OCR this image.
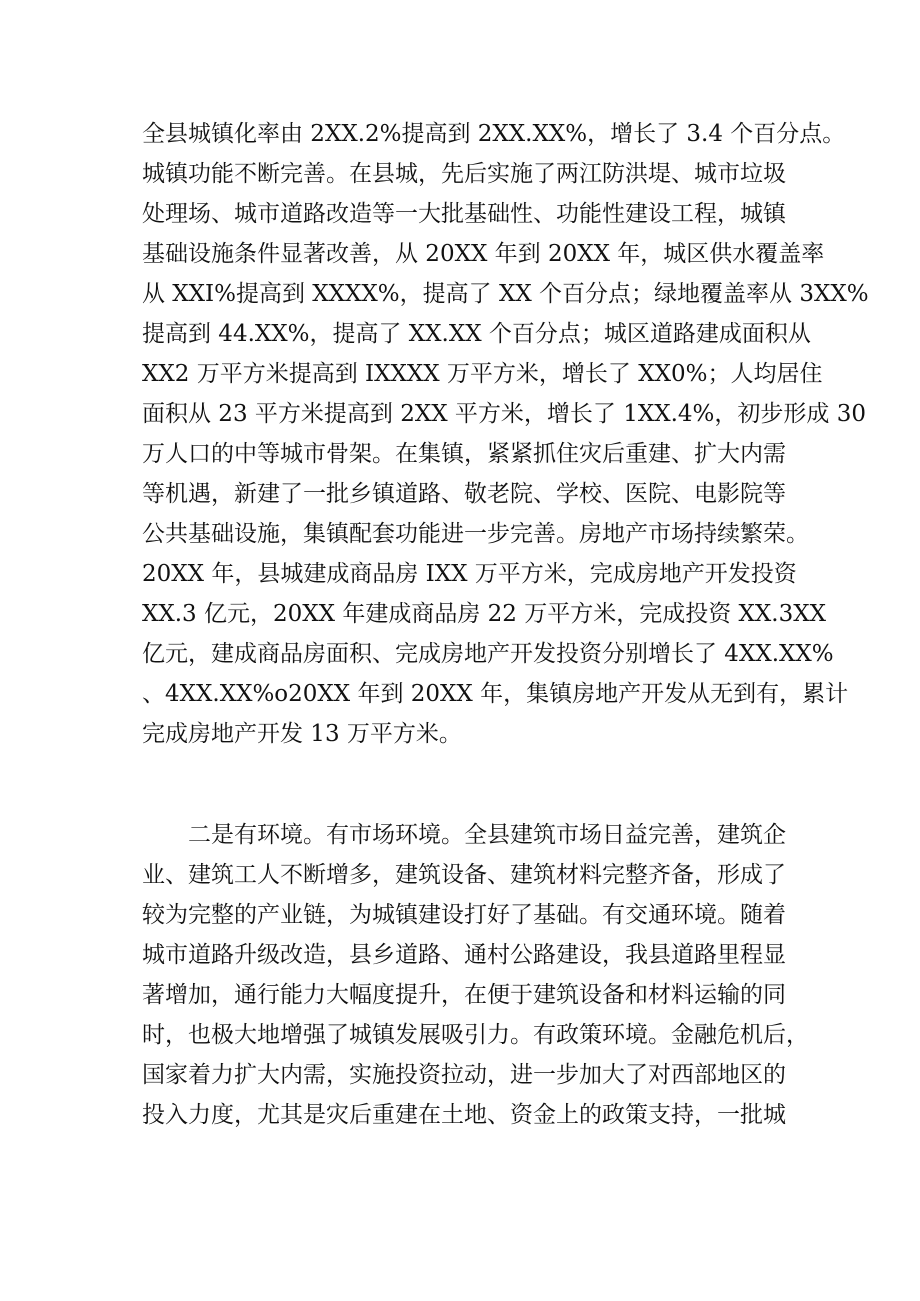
全县城镇化率由 2XX.2%提高到 2XX.XX%，增长了 3.4 个百分点。
城镇功能不断完善。在县城，先后实施了两江防洪堤、城市垃圾
处理场、城市道路改造等一大批基础性、功能性建设工程，城镇
基础设施条件显著改善，从 20XX 年到 20XX 年，城区供水覆盖率
从 XXI%提高到 XXXX%，提高了 XX 个百分点；绿地覆盖率从 3XX%
提高到 44.XX%，提高了 XX.XX 个百分点；城区道路建成面积从
XX2 万平方米提高到 IXXXX 万平方米，增长了 XX0%；人均居住
面积从 23 平方米提高到 2XX 平方米，增长了 1XX.4%，初步形成 30
万人口的中等城市骨架。在集镇，紧紧抓住灾后重建、扩大内需
等机遇，新建了一批乡镇道路、敬老院、学校、医院、电影院等
公共基础设施，集镇配套功能进一步完善。房地产市场持续繁荣。
20XX 年，县城建成商品房 IXX 万平方米，完成房地产开发投资
XX.3 亿元，20XX 年建成商品房 22 万平方米，完成投资 XX.3XX
亿元，建成商品房面积、完成房地产开发投资分别增长了 4XX.XX%
、4XX.XX%o20XX 年到 20XX 年，集镇房地产开发从无到有，累计
完成房地产开发 13 万平方米。
二是有环境。有市场环境。全县建筑市场日益完善，建筑企
业、建筑工人不断增多，建筑设备、建筑材料完整齐备，形成了
较为完整的产业链，为城镇建设打好了基础。有交通环境。随着
城市道路升级改造，县乡道路、通村公路建设，我县道路里程显
著增加，通行能力大幅度提升，在便于建筑设备和材料运输的同
时，也极大地增强了城镇发展吸引力。有政策环境。金融危机后，
国家着力扩大内需，实施投资拉动，进一步加大了对西部地区的
投入力度，尤其是灾后重建在土地、资金上的政策支持，一批城
